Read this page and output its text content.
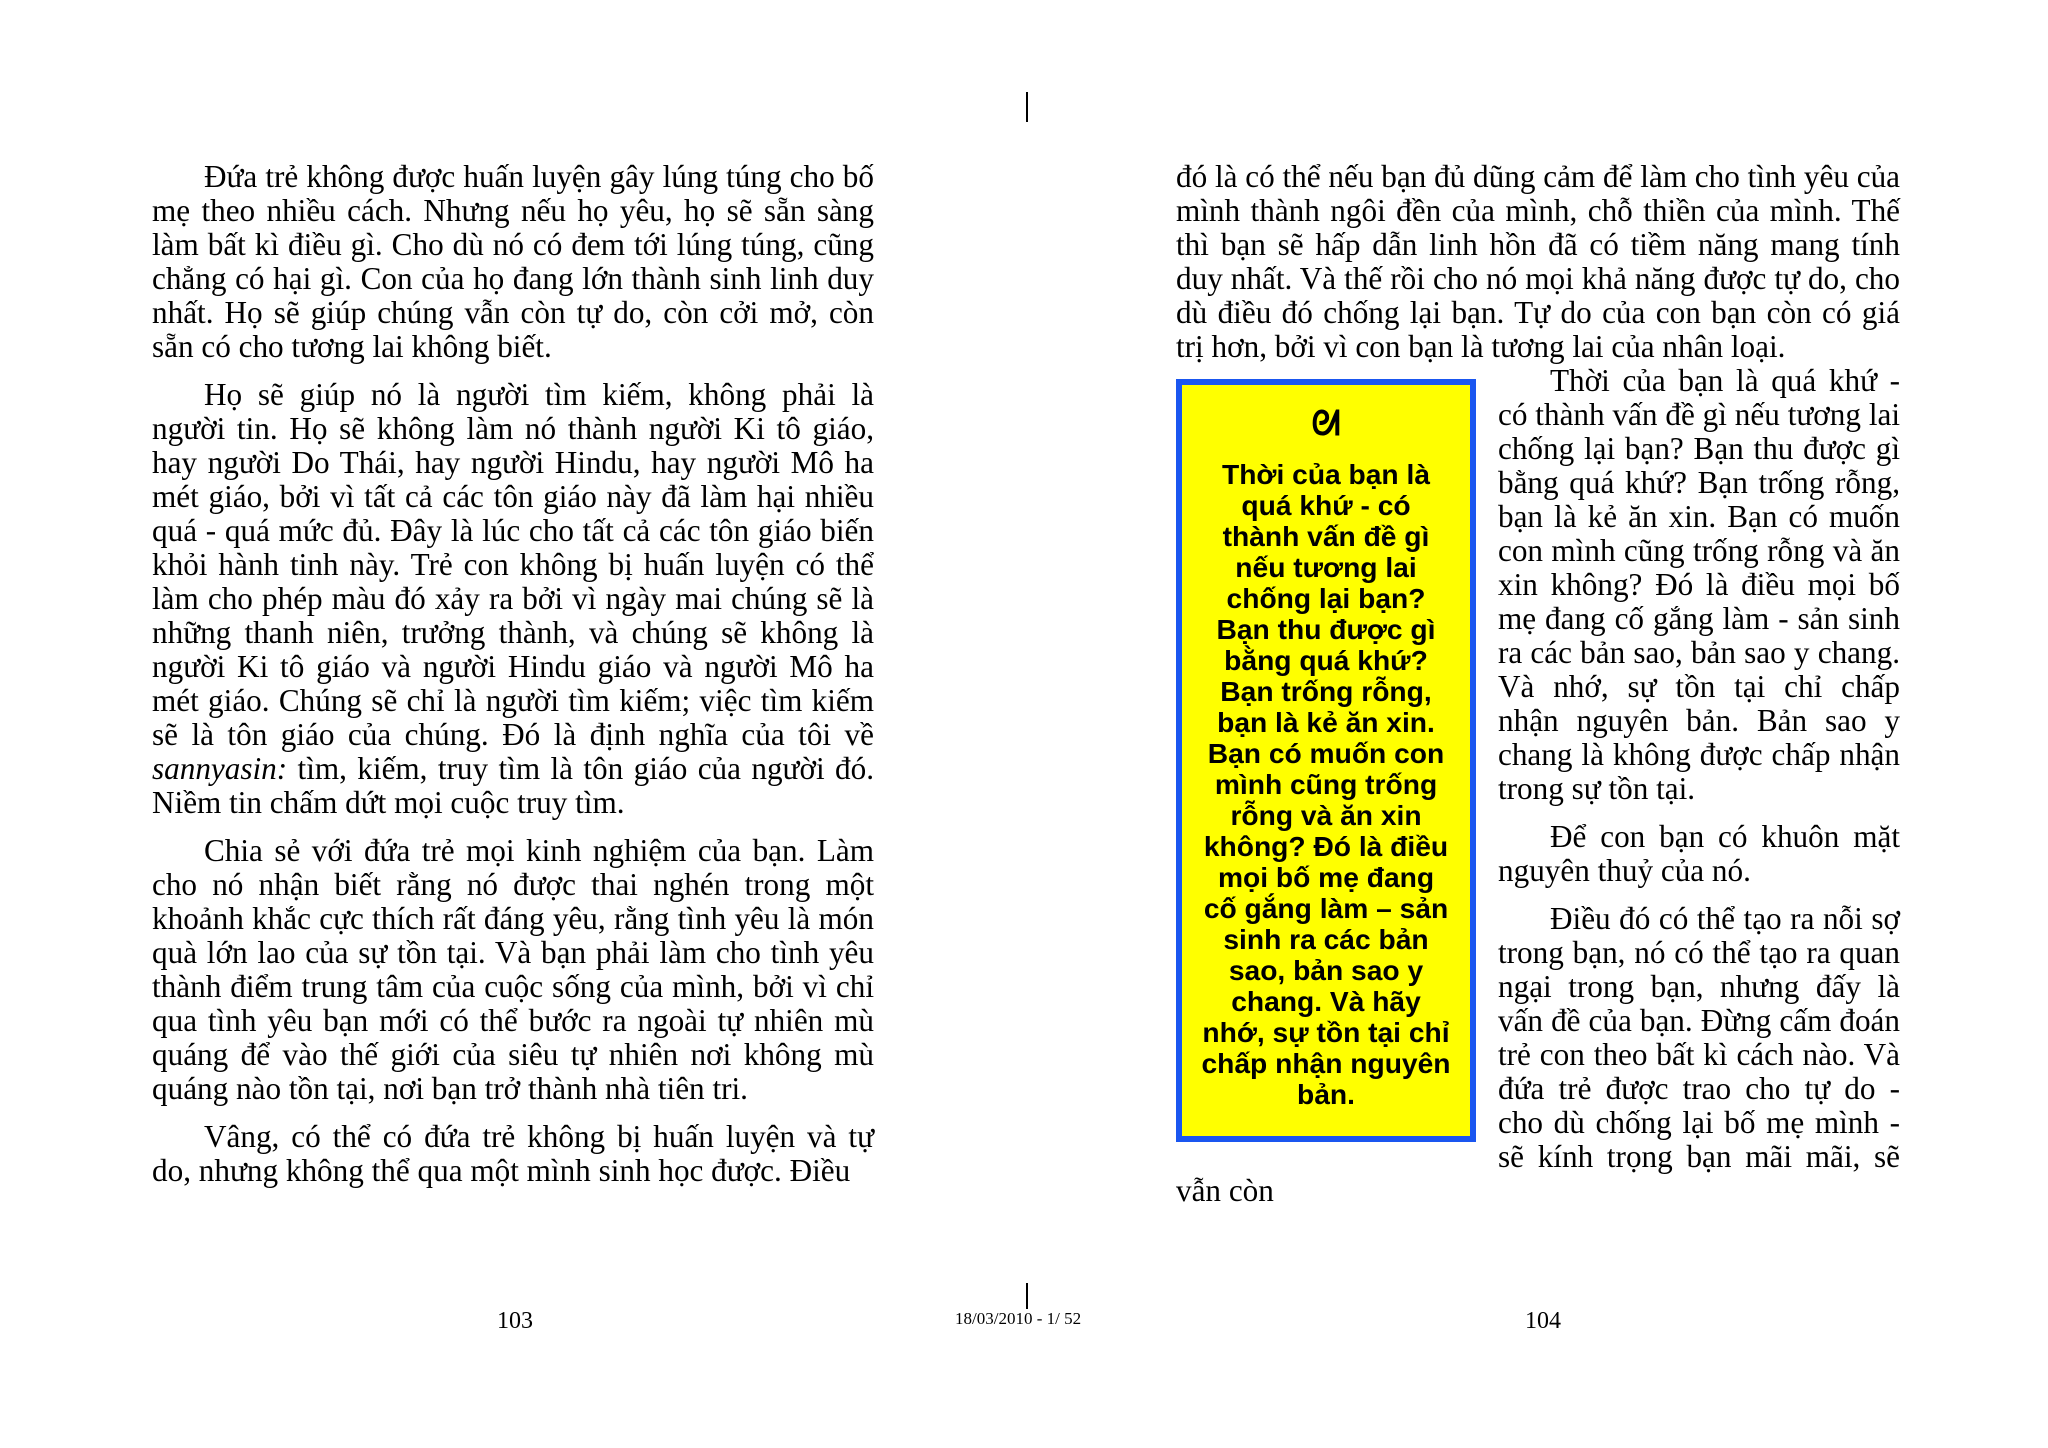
Đứa trẻ không được huấn luyện gây lúng túng cho bố mẹ theo nhiều cách. Nhưng nếu họ yêu, họ sẽ sẵn sàng làm bất kì điều gì. Cho dù nó có đem tới lúng túng, cũng chẳng có hại gì. Con của họ đang lớn thành sinh linh duy nhất. Họ sẽ giúp chúng vẫn còn tự do, còn cởi mở, còn sẵn có cho tương lai không biết.

Họ sẽ giúp nó là người tìm kiếm, không phải là người tin. Họ sẽ không làm nó thành người Ki tô giáo, hay người Do Thái, hay người Hindu, hay người Mô ha mét giáo, bởi vì tất cả các tôn giáo này đã làm hại nhiều quá - quá mức đủ. Đây là lúc cho tất cả các tôn giáo biến khỏi hành tinh này. Trẻ con không bị huấn luyện có thể làm cho phép màu đó xảy ra bởi vì ngày mai chúng sẽ là những thanh niên, trưởng thành, và chúng sẽ không là người Ki tô giáo và người Hindu giáo và người Mô ha mét giáo. Chúng sẽ chỉ là người tìm kiếm; việc tìm kiếm sẽ là tôn giáo của chúng. Đó là định nghĩa của tôi về sannyasin: tìm, kiếm, truy tìm là tôn giáo của người đó. Niềm tin chấm dứt mọi cuộc truy tìm.

Chia sẻ với đứa trẻ mọi kinh nghiệm của bạn. Làm cho nó nhận biết rằng nó được thai nghén trong một khoảnh khắc cực thích rất đáng yêu, rằng tình yêu là món quà lớn lao của sự tồn tại. Và bạn phải làm cho tình yêu thành điểm trung tâm của cuộc sống của mình, bởi vì chỉ qua tình yêu bạn mới có thể bước ra ngoài tự nhiên mù quáng để vào thế giới của siêu tự nhiên nơi không mù quáng nào tồn tại, nơi bạn trở thành nhà tiên tri.

Vâng, có thể có đứa trẻ không bị huấn luyện và tự do, nhưng không thể qua một mình sinh học được. Điều

đó là có thể nếu bạn đủ dũng cảm để làm cho tình yêu của mình thành ngôi đền của mình, chỗ thiền của mình. Thế thì bạn sẽ hấp dẫn linh hồn đã có tiềm năng mang tính duy nhất. Và thế rồi cho nó mọi khả năng được tự do, cho dù điều đó chống lại bạn. Tự do của con bạn còn có giá trị hơn, bởi vì con bạn là tương lai của nhân loại.

ᘛ
Thời của bạn là quá khứ - có thành vấn đề gì nếu tương lai chống lại bạn? Bạn thu được gì bằng quá khứ? Bạn trống rỗng, bạn là kẻ ăn xin. Bạn có muốn con mình cũng trống rỗng và ăn xin không? Đó là điều mọi bố mẹ đang cố gắng làm – sản sinh ra các bản sao, bản sao y chang. Và hãy nhớ, sự tồn tại chỉ chấp nhận nguyên bản.

Thời của bạn là quá khứ - có thành vấn đề gì nếu tương lai chống lại bạn? Bạn thu được gì bằng quá khứ? Bạn trống rỗng, bạn là kẻ ăn xin. Bạn có muốn con mình cũng trống rỗng và ăn xin không? Đó là điều mọi bố mẹ đang cố gắng làm - sản sinh ra các bản sao, bản sao y chang. Và nhớ, sự tồn tại chỉ chấp nhận nguyên bản. Bản sao y chang là không được chấp nhận trong sự tồn tại.

Để con bạn có khuôn mặt nguyên thuỷ của nó.

Điều đó có thể tạo ra nỗi sợ trong bạn, nó có thể tạo ra quan ngại trong bạn, nhưng đấy là vấn đề của bạn. Đừng cấm đoán trẻ con theo bất kì cách nào. Và đứa trẻ được trao cho tự do - cho dù chống lại bố mẹ mình - sẽ kính trọng bạn mãi mãi, sẽ vẫn còn

103	18/03/2010 - 1/ 52	104
